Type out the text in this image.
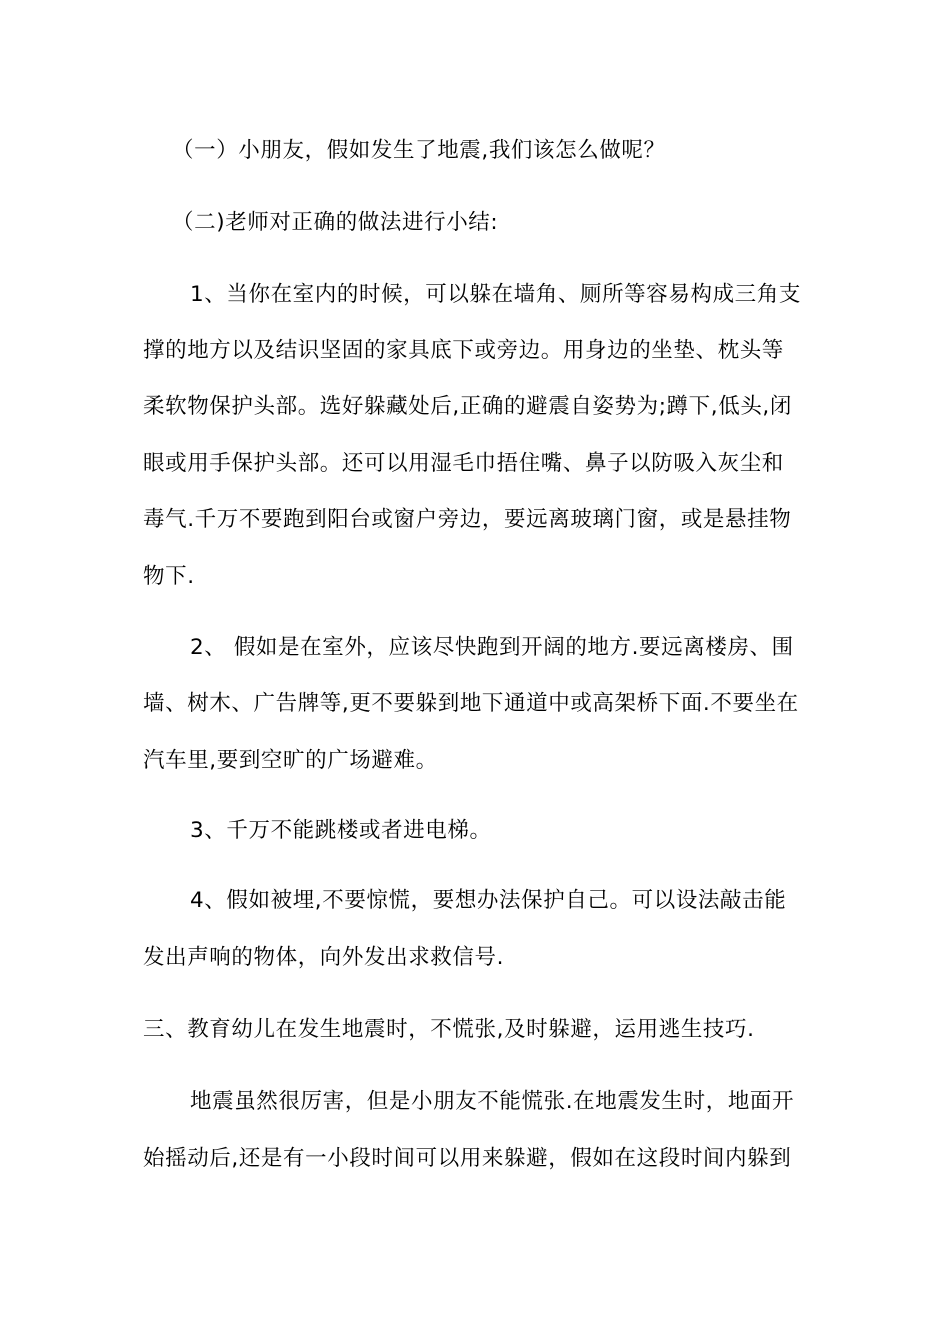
（一）小朋友，假如发生了地震,我们该怎么做呢？
（二)老师对正确的做法进行小结:
1、当你在室内的时候，可以躲在墙角、厕所等容易构成三角支
撑的地方以及结识坚固的家具底下或旁边。用身边的坐垫、枕头等
柔软物保护头部。选好躲藏处后,正确的避震自姿势为;蹲下,低头,闭
眼或用手保护头部。还可以用湿毛巾捂住嘴、鼻子以防吸入灰尘和
毒气.千万不要跑到阳台或窗户旁边，要远离玻璃门窗，或是悬挂物
物下.
2、 假如是在室外，应该尽快跑到开阔的地方.要远离楼房、围
墙、树木、广告牌等,更不要躲到地下通道中或高架桥下面.不要坐在
汽车里,要到空旷的广场避难。
3、千万不能跳楼或者进电梯。
4、假如被埋,不要惊慌，要想办法保护自己。可以设法敲击能
发出声响的物体，向外发出求救信号.
三、教育幼儿在发生地震时，不慌张,及时躲避，运用逃生技巧.
地震虽然很厉害，但是小朋友不能慌张.在地震发生时，地面开
始摇动后,还是有一小段时间可以用来躲避，假如在这段时间内躲到
